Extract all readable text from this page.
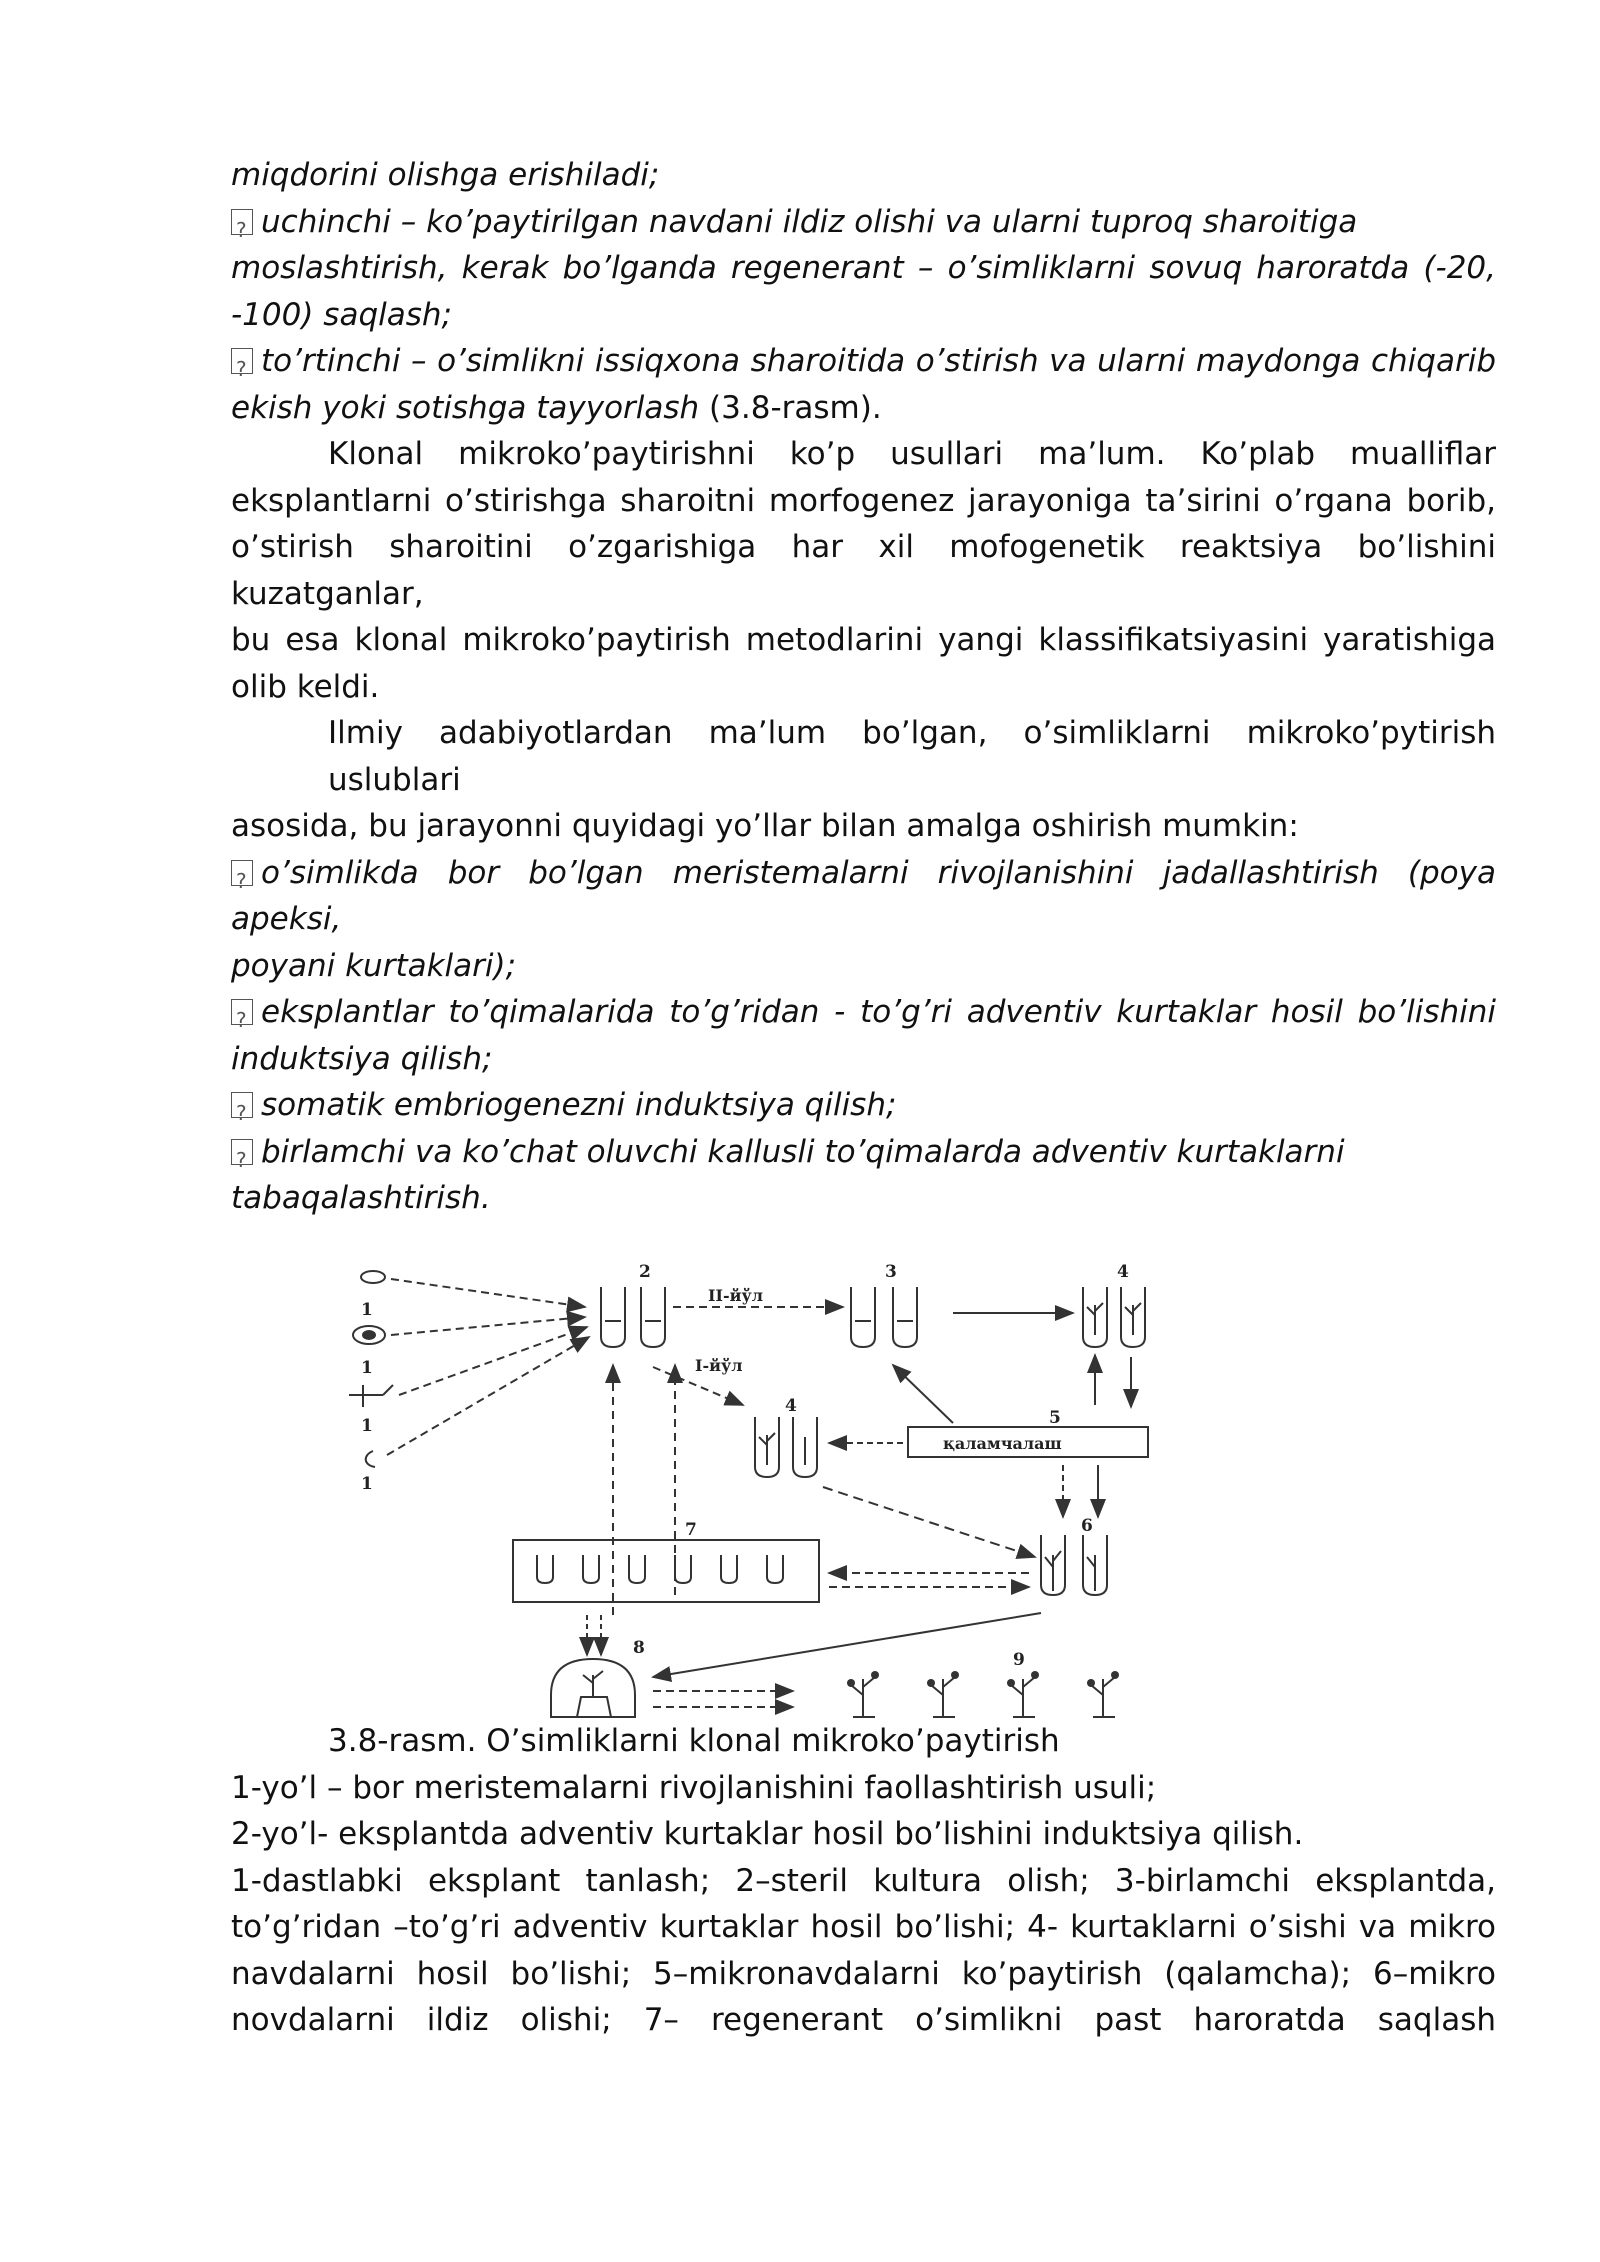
miqdorini olishga erishiladi;
?uchinchi – ko’paytirilgan navdani ildiz olishi va ularni tuproq sharoitiga
moslashtirish, kerak bo’lganda regenerant – o’simliklarni sovuq haroratda (-20,
-100) saqlash;
?to’rtinchi – o’simlikni issiqxona sharoitida o’stirish va ularni maydonga chiqarib
ekish yoki sotishga tayyorlash (3.8-rasm).
Klonal mikroko’paytirishni ko’p usullari ma’lum. Ko’plab mualliflar
eksplantlarni o’stirishga sharoitni morfogenez jarayoniga ta’sirini o’rgana borib,
o’stirish sharoitini o’zgarishiga har xil mofogenetik reaktsiya bo’lishini kuzatganlar,
bu esa klonal mikroko’paytirish metodlarini yangi klassifikatsiyasini yaratishiga
olib keldi.
Ilmiy adabiyotlardan ma’lum bo’lgan, o’simliklarni mikroko’pytirish uslublari
asosida, bu jarayonni quyidagi yo’llar bilan amalga oshirish mumkin:
?o’simlikda bor bo’lgan meristemalarni rivojlanishini jadallashtirish (poya apeksi,
poyani kurtaklari);
?eksplantlar to’qimalarida to’g’ridan - to’g’ri adventiv kurtaklar hosil bo’lishini
induktsiya qilish;
?somatik embriogenezni induktsiya qilish;
?birlamchi va ko’chat oluvchi kallusli to’qimalarda adventiv kurtaklarni
tabaqalashtirish.
1
1
1
1
2	3	4
4
5
6
7
8
9
II-йўл
I-йўл
қаламчалаш
3.8-rasm. O’simliklarni klonal mikroko’paytirish
1-yo’l – bor meristemalarni rivojlanishini faollashtirish usuli;
2-yo’l- eksplantda adventiv kurtaklar hosil bo’lishini induktsiya qilish.
1-dastlabki eksplant tanlash; 2–steril kultura olish; 3-birlamchi eksplantda,
to’g’ridan –to’g’ri adventiv kurtaklar hosil bo’lishi; 4- kurtaklarni o’sishi va mikro
navdalarni hosil bo’lishi; 5–mikronavdalarni ko’paytirish (qalamcha); 6–mikro
novdalarni ildiz olishi; 7– regenerant o’simlikni past haroratda saqlash
